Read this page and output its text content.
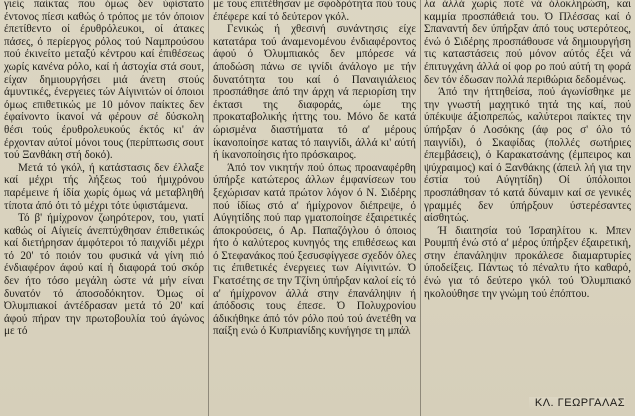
γιείς παίκτας που όμως δεν ύφίστατο έντονος πίεσι καθώς ό τρόπος με τόν όποιον έπετίθεντο οί έρυθρόλευκοι, οί άτακες πάσες, ό περίεργος ρόλος τού Ναμπρούσου πού έκινείτο μεταξύ κέντρου καί έπιθέσεως χωρίς κανένα ρόλο, καί ή άστοχία στά σουτ, είχαν δημιουργήσει μιά άνετη στούς άμυντικές, ένεργειες τών Αίγινιτών οί όποιοι όμως επιθετικώς με 10 μόνον παίκτες δεν έφαίνοντο ίκανοί νά φέρουν σέ δύσκολη θέσι τούς έρυθρολευκούς έκτός κι' άν έρχονταν αύτοί μόνοι τους (περίπτωσις σουτ τού Ξανθάκη στή δοκό).

Μετά τό γκόλ, ή κατάστασις δεν έλλαξε καί μέχρι τής λήξεως τού ήμιχρόνου παρέμεινε ή ίδία χωρίς όμως νά μεταβληθή τίποτα άπό ότι τό μέχρι τότε ύφιστάμενα.

Τό β' ήμίχρονον ζωηρότερον, του, γιατί καθώς οί Αίγιείς άνεπτύχθησαν έπιθετικώς καί διετήρησαν άμφότεροι τό παιχνίδι μέχρι τό 20' τό ποιόν του φυσικά νά γίνη πιό ένδιαφέρον άφού καί ή διαφορά τού σκόρ δεν ήτο τόσο μεγάλη ώστε νά μήν είναι δυνατόν τό άποσοδόκητον. Όμως οί Όλυμπιακοί άντέδρασαν μετά τό 20' καί άφού πήραν την πρωτοβουλία τού άγώνος με τό

με τους επιτέθησαν με σφοδρότητα πού τους έπέφερε καί τό δεύτερον γκόλ.

Γενικώς ή χθεσινή συνάντησις είχε κατατάρα τού άναμενομένου ένδιαφέροντος άφού ό Όλυμπιακός δεν μπόρεσε νά άποδώση πάνω σε ιγνίδι άνάλογο με τήν δυνατότητα του καί ό Παναιγιάλειος προσπάθησε άπό την άρχη νά περιορίση την έκτασι της διαφοράς, ώμε της προκαταβολικής ήττης του. Μόνο δε κατά ώρισμένα διαστήματα τό α' μέρους ίκανοποίησε κατας τό παιγνίδι, άλλά κι' αύτή ή ίκανοποίησις ήτο πρόσκαιρος.

Άπό τον νικητήν πού όπως προαναφέρθη ύπήρξε κατώτερος άλλων έμφανίσεων του ξεχώρισαν κατά πρώτον λόγον ό Ν. Σιδέρης πού ίδίως στό α' ήμίχρονον διέπρεψε, ό Αύγητίδης πού παρ γματοποίησε έξαιρετικές άποκρούσεις, ό Αρ. Παπαζόγλου ό όποιος ήτο ό καλύτερος κυνηγός της επιθέσεως και ό Στεφανάκος πού ξεσυσφίγγεσε σχεδόν όλες τις έπιθετικές ένεργειες των Αίγινιτών. Ό Γκατσέτης σε την Τζίνη ύπήρξαν καλοί είς τό α' ήμίχρονον άλλά στην έπανάληψιν ή άπόδοσις τους έπεσε. Ό Πολυχρονίου άδικήθηκε άπό τόν ρόλο πού τού άνετέθη να παίξη ενώ ό Κυπριανίδης κυνήγησε τη μπάλ

λα άλλά χωρίς ποτέ νά όλοκληρώση, και καμμία προσπάθειά του. Ό Πλέσσας καί ό Σπαναντή δεν ύπήρξαν άπό τους υστερότεος, ένώ ό Σιδέρης προσπάθουσε νά δημιουργήση τις καταστάσεις πού μόνον αύτός έξει νά έπιτυγχάνη άλλά οί φορ ρο πού αύτή τη φορά δεν τόν έδωσαν πολλά περιθώρια δεδομένως.

Άπό την ήττηθείσα, πού άγωνίσθηκε με την γνωστή μαχητικό τητά της καί, πού ύπέκυψε άξιοπρεπώς, καλύτεροι παίκτες την ύπήρξαν ό Λοσόκης (άφ ρος σ' όλο τό παιγνίδι), ό Σκαφίδας (πολλές σωτήριες έπεμβάσεις), ό Καρακατσάνης (έμπειρος και ψύχραιμος) καί ό Ξανθάκης (άπειλ λή για την έστία τού Αύγητίδη) Οί ύπόλοιποι προσπάθησαν τό κατά δύναμιν καί σε γενικές γραμμές δεν ύπήρξουν ύστερέσαντες αίσθητώς.

Ή διαιτησία τού Ίσραηλίτου κ. Μπεν Ρουμπή ένώ στό α' μέρος ύπήρξεν έξαιρετική, στην έπανάληψιν προκάλεσε διαμαρτυρίες ύποδείξεις. Πάντως τό πέναλτυ ήτο καθαρό, ένώ για τό δεύτερο γκόλ τού Όλυμπιακό ηκολούθησε την γνώμη τού έπόπτου.

ΚΛ. ΓΕΩΡΓΑΛΑΣ
